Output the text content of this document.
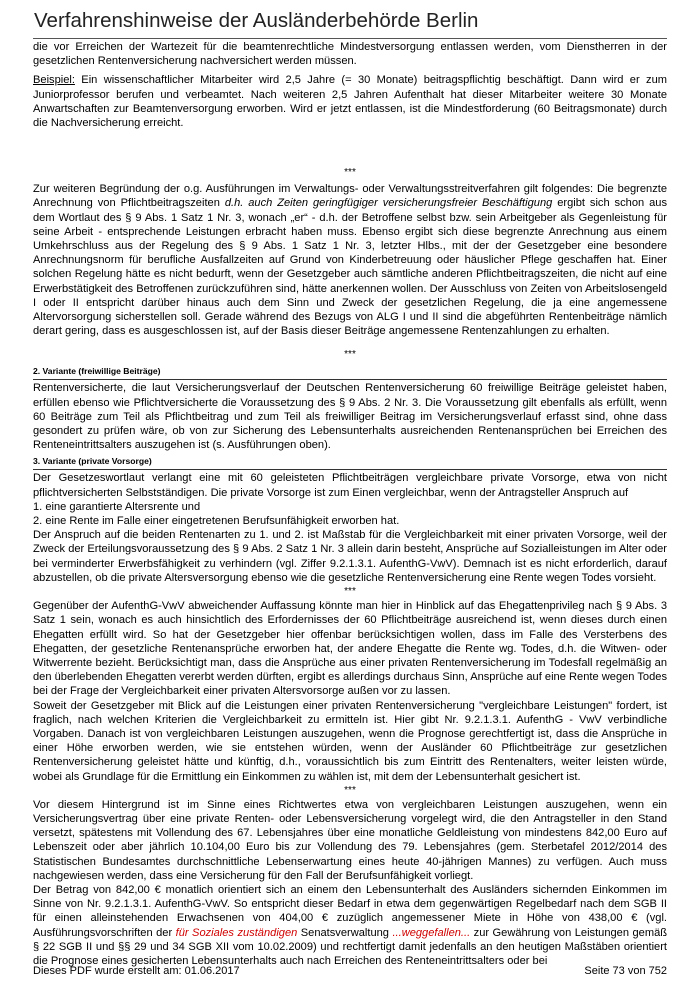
Verfahrenshinweise der Ausländerbehörde Berlin

die vor Erreichen der Wartezeit für die beamtenrechtliche Mindestversorgung entlassen werden, vom Dienstherren in der gesetzlichen Rentenversicherung nachversichert werden müssen.

Beispiel: Ein wissenschaftlicher Mitarbeiter wird 2,5 Jahre (= 30 Monate) beitragspflichtig beschäftigt. Dann wird er zum Juniorprofessor berufen und verbeamtet. Nach weiteren 2,5 Jahren Aufenthalt hat dieser Mitarbeiter weitere 30 Monate Anwartschaften zur Beamtenversorgung erworben. Wird er jetzt entlassen, ist die Mindestforderung (60 Beitragsmonate) durch die Nachversicherung erreicht.

***

Zur weiteren Begründung der o.g. Ausführungen im Verwaltungs- oder Verwaltungsstreitverfahren gilt folgendes: Die begrenzte Anrechnung von Pflichtbeitragszeiten d.h. auch Zeiten geringfügiger versicherungsfreier Beschäftigung ergibt sich schon aus dem Wortlaut des § 9 Abs. 1 Satz 1 Nr. 3, wonach „er“ - d.h. der Betroffene selbst bzw. sein Arbeitgeber als Gegenleistung für seine Arbeit - entsprechende Leistungen erbracht haben muss. Ebenso ergibt sich diese begrenzte Anrechnung aus einem Umkehrschluss aus der Regelung des § 9 Abs. 1 Satz 1 Nr. 3, letzter Hlbs., mit der der Gesetzgeber eine besondere Anrechnungsnorm für berufliche Ausfallzeiten auf Grund von Kinderbetreuung oder häuslicher Pflege geschaffen hat. Einer solchen Regelung hätte es nicht bedurft, wenn der Gesetzgeber auch sämtliche anderen Pflichtbeitragszeiten, die nicht auf eine Erwerbstätigkeit des Betroffenen zurückzuführen sind, hätte anerkennen wollen. Der Ausschluss von Zeiten von Arbeitslosengeld I oder II entspricht darüber hinaus auch dem Sinn und Zweck der gesetzlichen Regelung, die ja eine angemessene Altervorsorgung sicherstellen soll. Gerade während des Bezugs von ALG I und II sind die abgeführten Rentenbeiträge nämlich derart gering, dass es ausgeschlossen ist, auf der Basis dieser Beiträge angemessene Rentenzahlungen zu erhalten.

***

2. Variante (freiwillige Beiträge)

Rentenversicherte, die laut Versicherungsverlauf der Deutschen Rentenversicherung 60 freiwillige Beiträge geleistet haben, erfüllen ebenso wie Pflichtversicherte die Voraussetzung des § 9 Abs. 2 Nr. 3. Die Voraussetzung gilt ebenfalls als erfüllt, wenn 60 Beiträge zum Teil als Pflichtbeitrag und zum Teil als freiwilliger Beitrag im Versicherungsverlauf erfasst sind, ohne dass gesondert zu prüfen wäre, ob von zur Sicherung des Lebensunterhalts ausreichenden Rentenansprüchen bei Erreichen des Renteneintrittsalters auszugehen ist (s. Ausführungen oben).

3. Variante (private Vorsorge)

Der Gesetzeswortlaut verlangt eine mit 60 geleisteten Pflichtbeiträgen vergleichbare private Vorsorge, etwa von nicht pflichtversicherten Selbstständigen. Die private Vorsorge ist zum Einen vergleichbar, wenn der Antragsteller Anspruch auf

1. eine garantierte Altersrente und

2. eine Rente im Falle einer eingetretenen Berufsunfähigkeit erworben hat.

Der Anspruch auf die beiden Rentenarten zu 1. und 2. ist Maßstab für die Vergleichbarkeit mit einer privaten Vorsorge, weil der Zweck der Erteilungsvoraussetzung des § 9 Abs. 2 Satz 1 Nr. 3 allein darin besteht, Ansprüche auf Sozialleistungen im Alter oder bei verminderter Erwerbsfähigkeit zu verhindern (vgl. Ziffer 9.2.1.3.1. AufenthG-VwV). Demnach ist es nicht erforderlich, darauf abzustellen, ob die private Altersversorgung ebenso wie die gesetzliche Rentenversicherung eine Rente wegen Todes vorsieht.

***

Gegenüber der AufenthG-VwV abweichender Auffassung könnte man hier in Hinblick auf das Ehegattenprivileg nach § 9 Abs. 3 Satz 1 sein, wonach es auch hinsichtlich des Erfordernisses der 60 Pflichtbeiträge ausreichend ist, wenn dieses durch einen Ehegatten erfüllt wird. So hat der Gesetzgeber hier offenbar berücksichtigen wollen, dass im Falle des Versterbens des Ehegatten, der gesetzliche Rentenansprüche erworben hat, der andere Ehegatte die Rente wg. Todes, d.h. die Witwen- oder Witwerrente bezieht. Berücksichtigt man, dass die Ansprüche aus einer privaten Rentenversicherung im Todesfall regelmäßig an den überlebenden Ehegatten vererbt werden dürften, ergibt es allerdings durchaus Sinn, Ansprüche auf eine Rente wegen Todes bei der Frage der Vergleichbarkeit einer privaten Altersvorsorge außen vor zu lassen.

Soweit der Gesetzgeber mit Blick auf die Leistungen einer privaten Rentenversicherung "vergleichbare Leistungen" fordert, ist fraglich, nach welchen Kriterien die Vergleichbarkeit zu ermitteln ist. Hier gibt Nr. 9.2.1.3.1. AufenthG - VwV verbindliche Vorgaben. Danach ist von vergleichbaren Leistungen auszugehen, wenn die Prognose gerechtfertigt ist, dass die Ansprüche in einer Höhe erworben werden, wie sie entstehen würden, wenn der Ausländer 60 Pflichtbeiträge zur gesetzlichen Rentenversicherung geleistet hätte und künftig, d.h., voraussichtlich bis zum Eintritt des Rentenalters, weiter leisten würde, wobei als Grundlage für die Ermittlung ein Einkommen zu wählen ist, mit dem der Lebensunterhalt gesichert ist.

***

Vor diesem Hintergrund ist im Sinne eines Richtwertes etwa von vergleichbaren Leistungen auszugehen, wenn ein Versicherungsvertrag über eine private Renten- oder Lebensversicherung vorgelegt wird, die den Antragsteller in den Stand versetzt, spätestens mit Vollendung des 67. Lebensjahres über eine monatliche Geldleistung von mindestens 842,00 Euro auf Lebenszeit oder aber jährlich 10.104,00 Euro bis zur Vollendung des 79. Lebensjahres (gem. Sterbetafel 2012/2014 des Statistischen Bundesamtes durchschnittliche Lebenserwartung eines heute 40-jährigen Mannes) zu verfügen. Auch muss nachgewiesen werden, dass eine Versicherung für den Fall der Berufsunfähigkeit vorliegt.

Der Betrag von 842,00 € monatlich orientiert sich an einem den Lebensunterhalt des Ausländers sichernden Einkommen im Sinne von Nr. 9.2.1.3.1. AufenthG-VwV. So entspricht dieser Bedarf in etwa dem gegenwärtigen Regelbedarf nach dem SGB II für einen alleinstehenden Erwachsenen von 404,00 € zuzüglich angemessener Miete in Höhe von 438,00 € (vgl. Ausführungsvorschriften der für Soziales zuständigen Senatsverwaltung ...weggefallen... zur Gewährung von Leistungen gemäß § 22 SGB II und §§ 29 und 34 SGB XII vom 10.02.2009) und rechtfertigt damit jedenfalls an den heutigen Maßstäben orientiert die Prognose eines gesicherten Lebensunterhalts auch nach Erreichen des Renteneintrittsalters oder bei

Dieses PDF wurde erstellt am: 01.06.2017	Seite 73 von 752
